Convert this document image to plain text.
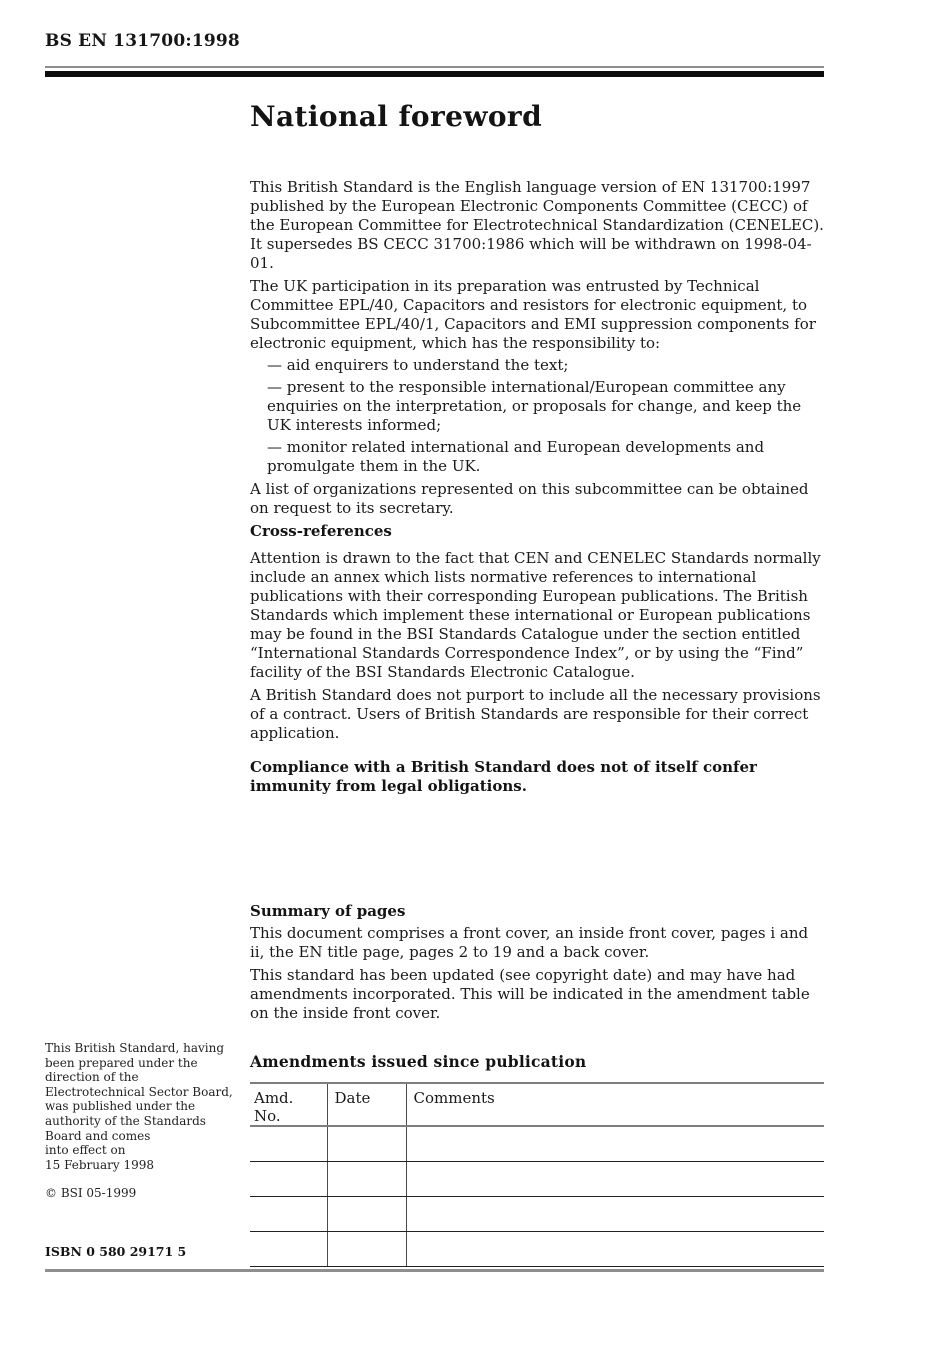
BS EN 131700:1998
National foreword

This British Standard is the English language version of EN 131700:1997 published by the European Electronic Components Committee (CECC) of the European Committee for Electrotechnical Standardization (CENELEC). It supersedes BS CECC 31700:1986 which will be withdrawn on 1998-04-01.

The UK participation in its preparation was entrusted by Technical Committee EPL/40, Capacitors and resistors for electronic equipment, to Subcommittee EPL/40/1, Capacitors and EMI suppression components for electronic equipment, which has the responsibility to:

— aid enquirers to understand the text;

— present to the responsible international/European committee any enquiries on the interpretation, or proposals for change, and keep the UK interests informed;

— monitor related international and European developments and promulgate them in the UK.

A list of organizations represented on this subcommittee can be obtained on request to its secretary.

Cross-references

Attention is drawn to the fact that CEN and CENELEC Standards normally include an annex which lists normative references to international publications with their corresponding European publications. The British Standards which implement these international or European publications may be found in the BSI Standards Catalogue under the section entitled “International Standards Correspondence Index”, or by using the “Find” facility of the BSI Standards Electronic Catalogue.

A British Standard does not purport to include all the necessary provisions of a contract. Users of British Standards are responsible for their correct application.

Compliance with a British Standard does not of itself confer immunity from legal obligations.

Summary of pages

This document comprises a front cover, an inside front cover, pages i and ii, the EN title page, pages 2 to 19 and a back cover.

This standard has been updated (see copyright date) and may have had amendments incorporated. This will be indicated in the amendment table on the inside front cover.

This British Standard, having
been prepared under the
direction of the
Electrotechnical Sector Board,
was published under the
authority of the Standards
Board and comes
into effect on
15 February 1998
© BSI 05-1999
ISBN 0 580 29171 5
Amendments issued since publication
Amd. No.	Date	Comments
